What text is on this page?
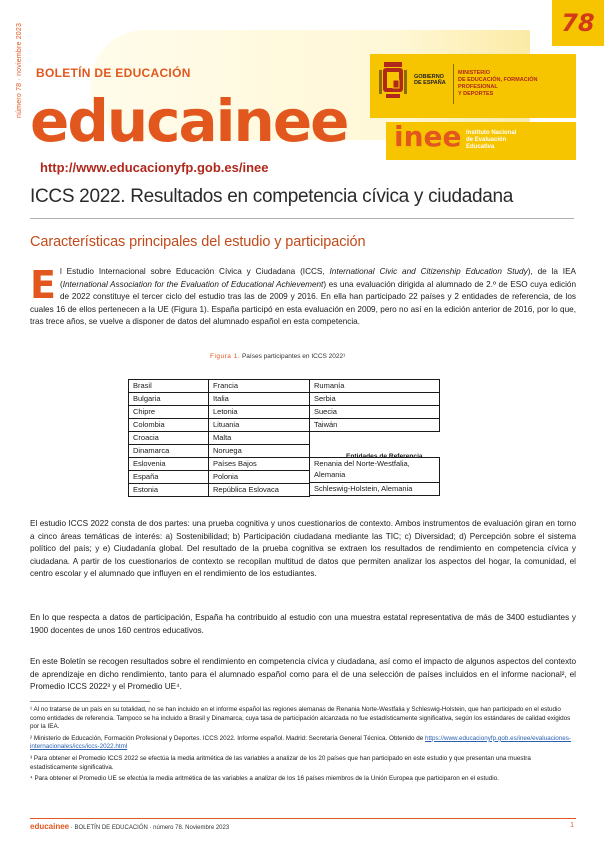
número 78 · noviembre 2023	78
BOLETÍN DE EDUCACIÓN
educainee
http://www.educacionyfp.gob.es/inee
GOBIERNO
DE ESPAÑA
MINISTERIO
DE EDUCACIÓN, FORMACIÓN PROFESIONAL
Y DEPORTES
inee Instituto Nacional
de Evaluación
Educativa
ICCS 2022. Resultados en competencia cívica y ciudadana
Características principales del estudio y participación
El Estudio Internacional sobre Educación Cívica y Ciudadana (ICCS, International Civic and Citizenship Education Study), de la IEA (International Association for the Evaluation of Educational Achievement) es una evaluación dirigida al alumnado de 2.º de ESO cuya edición de 2022 constituye el tercer ciclo del estudio tras las de 2009 y 2016. En ella han participado 22 países y 2 entidades de referencia, de los cuales 16 de ellos pertenecen a la UE (Figura 1). España participó en esta evaluación en 2009, pero no así en la edición anterior de 2016, por lo que, tras trece años, se vuelve a disponer de datos del alumnado español en esta competencia.
Figura 1. Países participantes en ICCS 2022¹
Brasil
Bulgaria
Chipre
Colombia
Croacia
Dinamarca
Eslovenia
España
Estonia
Francia
Italia
Letonia
Lituania
Malta
Noruega
Países Bajos
Polonia
República Eslovaca
Rumanía
Serbia
Suecia
Taiwán
Renania del Norte-Westfalia, Alemania
Schleswig-Holstein, Alemania
Entidades de Referencia
El estudio ICCS 2022 consta de dos partes: una prueba cognitiva y unos cuestionarios de contexto. Ambos instrumentos de evaluación giran en torno a cinco áreas temáticas de interés: a) Sostenibilidad; b) Participación ciudadana mediante las TIC; c) Diversidad; d) Percepción sobre el sistema político del país; y e) Ciudadanía global. Del resultado de la prueba cognitiva se extraen los resultados de rendimiento en competencia cívica y ciudadana. A partir de los cuestionarios de contexto se recopilan multitud de datos que permiten analizar los aspectos del hogar, la comunidad, el centro escolar y el alumnado que influyen en el rendimiento de los estudiantes.
En lo que respecta a datos de participación, España ha contribuido al estudio con una muestra estatal representativa de más de 3400 estudiantes y 1900 docentes de unos 160 centros educativos.
En este Boletín se recogen resultados sobre el rendimiento en competencia cívica y ciudadana, así como el impacto de algunos aspectos del contexto de aprendizaje en dicho rendimiento, tanto para el alumnado español como para el de una selección de países incluidos en el informe nacional², el Promedio ICCS 2022³ y el Promedio UE⁴.
¹ Al no tratarse de un país en su totalidad, no se han incluido en el informe español las regiones alemanas de Renania Norte-Westfalia y Schleswig-Holstein, que han participado en el estudio como entidades de referencia. Tampoco se ha incluido a Brasil y Dinamarca, cuya tasa de participación alcanzada no fue estadísticamente significativa, según los estándares de calidad exigidos por la IEA.
² Ministerio de Educación, Formación Profesional y Deportes. ICCS 2022. Informe español. Madrid: Secretaría General Técnica. Obtenido de https://www.educacionyfp.gob.es/inee/evaluaciones-internacionales/iccs/iccs-2022.html
³ Para obtener el Promedio ICCS 2022 se efectúa la media aritmética de las variables a analizar de los 20 países que han participado en este estudio y que presentan una muestra estadísticamente significativa.
⁴ Para obtener el Promedio UE se efectúa la media aritmética de las variables a analizar de los 16 países miembros de la Unión Europea que participaron en el estudio.
educainee · BOLETÍN DE EDUCACIÓN · número 78. Noviembre 2023	1
